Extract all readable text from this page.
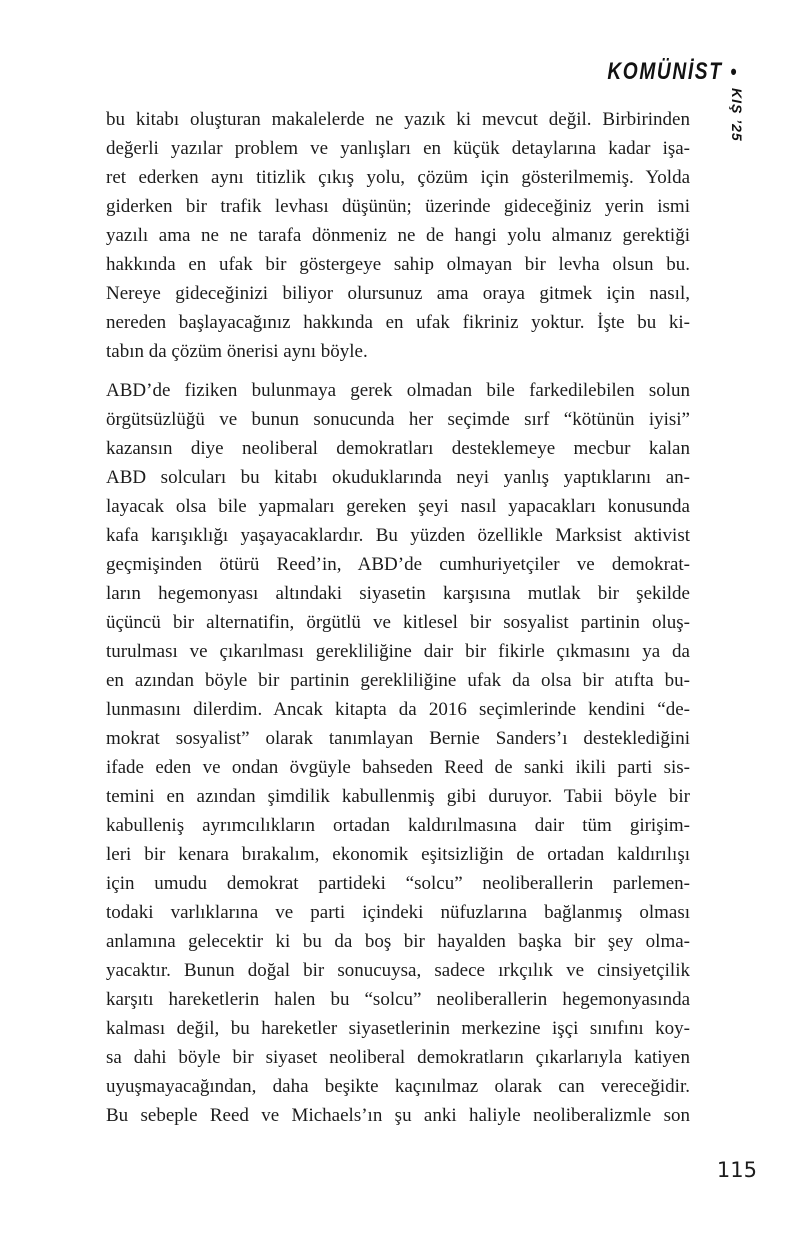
KOMÜNİST •
KIŞ ’25
bu kitabı oluşturan makalelerde ne yazık ki mevcut değil. Birbirinden
değerli yazılar problem ve yanlışları en küçük detaylarına kadar işa-
ret ederken aynı titizlik çıkış yolu, çözüm için gösterilmemiş. Yolda
giderken bir trafik levhası düşünün; üzerinde gideceğiniz yerin ismi
yazılı ama ne ne tarafa dönmeniz ne de hangi yolu almanız gerektiği
hakkında en ufak bir göstergeye sahip olmayan bir levha olsun bu.
Nereye gideceğinizi biliyor olursunuz ama oraya gitmek için nasıl,
nereden başlayacağınız hakkında en ufak fikriniz yoktur. İşte bu ki-
tabın da çözüm önerisi aynı böyle.
ABD’de fiziken bulunmaya gerek olmadan bile farkedilebilen solun
örgütsüzlüğü ve bunun sonucunda her seçimde sırf “kötünün iyisi”
kazansın diye neoliberal demokratları desteklemeye mecbur kalan
ABD solcuları bu kitabı okuduklarında neyi yanlış yaptıklarını an-
layacak olsa bile yapmaları gereken şeyi nasıl yapacakları konusunda
kafa karışıklığı yaşayacaklardır. Bu yüzden özellikle Marksist aktivist
geçmişinden ötürü Reed’in, ABD’de cumhuriyetçiler ve demokrat-
ların hegemonyası altındaki siyasetin karşısına mutlak bir şekilde
üçüncü bir alternatifin, örgütlü ve kitlesel bir sosyalist partinin oluş-
turulması ve çıkarılması gerekliliğine dair bir fikirle çıkmasını ya da
en azından böyle bir partinin gerekliliğine ufak da olsa bir atıfta bu-
lunmasını dilerdim. Ancak kitapta da 2016 seçimlerinde kendini “de-
mokrat sosyalist” olarak tanımlayan Bernie Sanders’ı desteklediğini
ifade eden ve ondan övgüyle bahseden Reed de sanki ikili parti sis-
temini en azından şimdilik kabullenmiş gibi duruyor. Tabii böyle bir
kabulleniş ayrımcılıkların ortadan kaldırılmasına dair tüm girişim-
leri bir kenara bırakalım, ekonomik eşitsizliğin de ortadan kaldırılışı
için umudu demokrat partideki “solcu” neoliberallerin parlemen-
todaki varlıklarına ve parti içindeki nüfuzlarına bağlanmış olması
anlamına gelecektir ki bu da boş bir hayalden başka bir şey olma-
yacaktır. Bunun doğal bir sonucuysa, sadece ırkçılık ve cinsiyetçilik
karşıtı hareketlerin halen bu “solcu” neoliberallerin hegemonyasında
kalması değil, bu hareketler siyasetlerinin merkezine işçi sınıfını koy-
sa dahi böyle bir siyaset neoliberal demokratların çıkarlarıyla katiyen
uyuşmayacağından, daha beşikte kaçınılmaz olarak can vereceğidir.
Bu sebeple Reed ve Michaels’ın şu anki haliyle neoliberalizmle son
115
